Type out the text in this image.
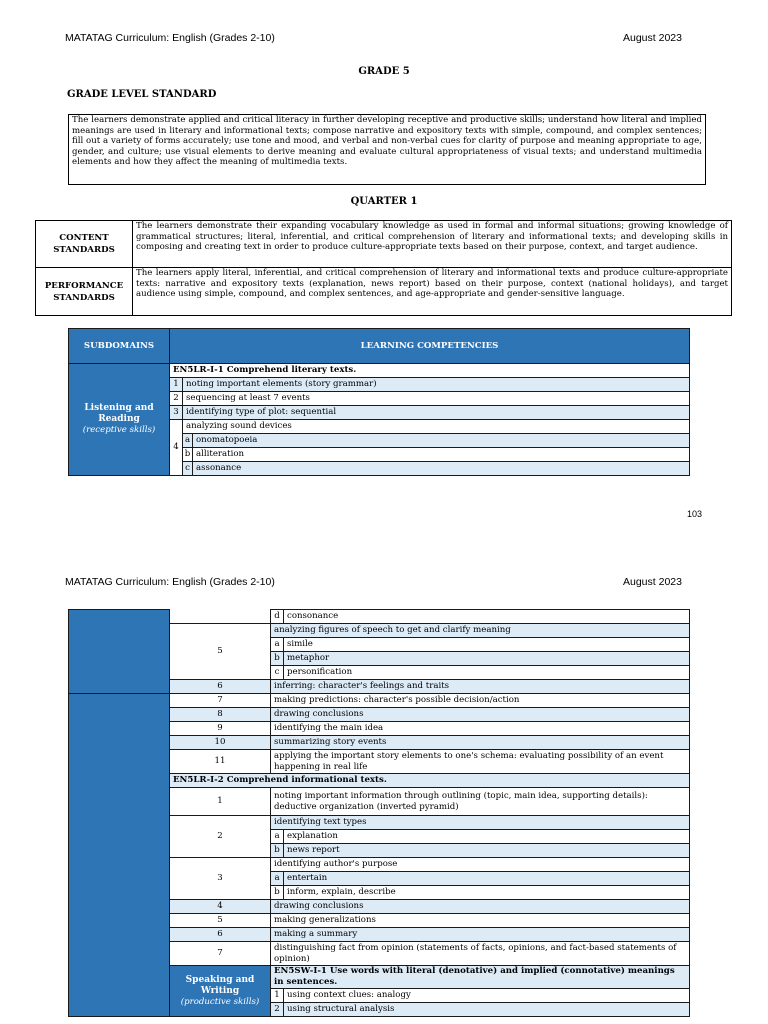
MATATAG Curriculum: English (Grades 2-10)	August 2023
GRADE 5
GRADE LEVEL STANDARD
The learners demonstrate applied and critical literacy in further developing receptive and productive skills; understand how literal and implied meanings are used in literary and informational texts; compose narrative and expository texts with simple, compound, and complex sentences; fill out a variety of forms accurately; use tone and mood, and verbal and non-verbal cues for clarity of purpose and meaning appropriate to age, gender, and culture; use visual elements to derive meaning and evaluate cultural appropriateness of visual texts; and understand multimedia elements and how they affect the meaning of multimedia texts.
QUARTER 1
CONTENT STANDARDS	The learners demonstrate their expanding vocabulary knowledge as used in formal and informal situations; growing knowledge of grammatical structures; literal, inferential, and critical comprehension of literary and informational texts; and developing skills in composing and creating text in order to produce culture-appropriate texts based on their purpose, context, and target audience.
PERFORMANCE STANDARDS	The learners apply literal, inferential, and critical comprehension of literary and informational texts and produce culture-appropriate texts: narrative and expository texts (explanation, news report) based on their purpose, context (national holidays), and target audience using simple, compound, and complex sentences, and age-appropriate and gender-sensitive language.
SUBDOMAINS	LEARNING COMPETENCIES		

Listening and Reading
(receptive skills)	EN5LR-I-1 Comprehend literary texts.		
	1	noting important elements (story grammar)	
	2	sequencing at least 7 events	
	3	identifying type of plot: sequential	
	4	analyzing sound devices	
		a	onomatopoeia
		b	alliteration
		c	assonance
103
MATATAG Curriculum: English (Grades 2-10)	August 2023
		d	consonance
	5	analyzing figures of speech to get and clarify meaning	
		a	simile
		b	metaphor
		c	personification
	6	inferring: character's feelings and traits	
	7	making predictions: character's possible decision/action	
	8	drawing conclusions	
	9	identifying the main idea	
	10	summarizing story events	
	11	applying the important story elements to one's schema: evaluating possibility of an event happening in real life	
	EN5LR-I-2 Comprehend informational texts.		
	1	noting important information through outlining (topic, main idea, supporting details): deductive organization (inverted pyramid)	
	2	identifying text types	
		a	explanation
		b	news report
	3	identifying author's purpose	
		a	entertain
		b	inform, explain, describe
	4	drawing conclusions	
	5	making generalizations	
	6	making a summary	
	7	distinguishing fact from opinion (statements of facts, opinions, and fact-based statements of opinion)	

	Speaking and Writing
(productive skills)	EN5SW-I-1 Use words with literal (denotative) and implied (connotative) meanings in sentences.	
		1	using context clues: analogy
		2	using structural analysis
